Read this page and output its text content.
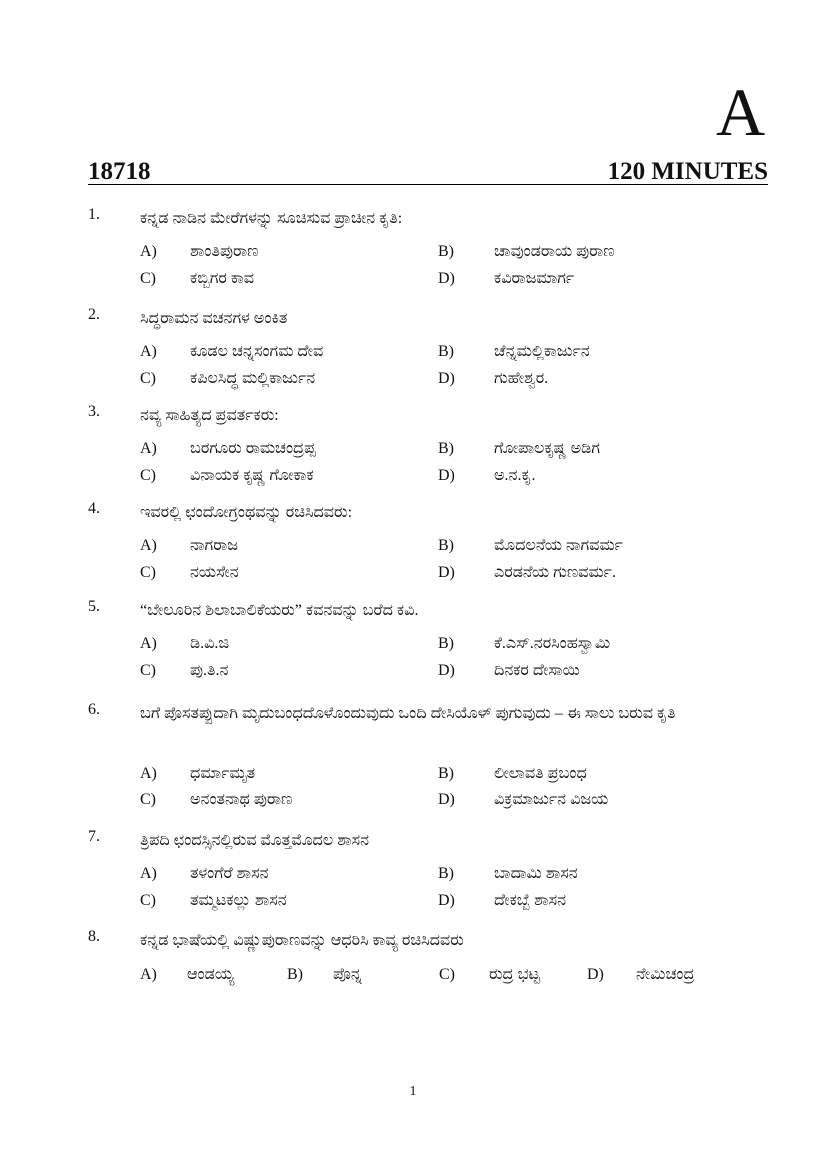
A
18718	120 MINUTES
1.	ಕನ್ನಡ ನಾಡಿನ ಮೇರೆಗಳನ್ನು ಸೂಚಿಸುವ ಪ್ರಾಚೀನ ಕೃತಿ:
A) ಶಾಂತಿಪುರಾಣ	B)	ಚಾವುಂಡರಾಯ ಪುರಾಣ
C) ಕಬ್ಬಿಗರ ಕಾವ	D) ಕವಿರಾಜಮಾರ್ಗ
2.	ಸಿದ್ಧರಾಮನ ವಚನಗಳ ಅಂಕಿತ
A) ಕೂಡಲ ಚನ್ನಸಂಗಮ ದೇವ	B)	ಚೆನ್ನಮಲ್ಲಿಕಾರ್ಜುನ
C) ಕಪಿಲಸಿದ್ಧ ಮಲ್ಲಿಕಾರ್ಜುನ	D) ಗುಹೇಶ್ವರ.
3.	ನವ್ಯ ಸಾಹಿತ್ಯದ ಪ್ರವರ್ತಕರು:
A) ಬರಗೂರು ರಾಮಚಂದ್ರಪ್ಪ	B)	ಗೋಪಾಲಕೃಷ್ಣ ಅಡಿಗ
C) ವಿನಾಯಕ ಕೃಷ್ಣ ಗೋಕಾಕ	D) ಅ.ನ.ಕೃ.
4.	ಇವರಲ್ಲಿ ಛಂದೋಗ್ರಂಥವನ್ನು ರಚಿಸಿದವರು:
A) ನಾಗರಾಜ	B)	ಮೊದಲನೆಯ ನಾಗವರ್ಮ
C) ನಯಸೇನ	D) ಎರಡನೆಯ ಗುಣವರ್ಮ.
5.	“ಬೇಲೂರಿನ ಶಿಲಾಬಾಲಿಕೆಯರು” ಕವನವನ್ನು ಬರೆದ ಕವಿ.
A) ಡಿ.ವಿ.ಜಿ	B)	ಕೆ.ಎಸ್.ನರಸಿಂಹಸ್ವಾಮಿ
C) ಪು.ತಿ.ನ	D) ದಿನಕರ ದೇಸಾಯಿ
6.	ಬಗೆ ಪೊಸತಪ್ಪುದಾಗಿ ಮೃದುಬಂಧದೊಳೊಂದುವುದು ಒಂದಿ ದೇಸಿಯೊಳ್ ಪುಗುವುದು – ಈ ಸಾಲು ಬರುವ ಕೃತಿ
A) ಧರ್ಮಾಮೃತ	B)	ಲೀಲಾವತಿ ಪ್ರಬಂಧ
C) ಅನಂತನಾಥ ಪುರಾಣ	D) ವಿಕ್ರಮಾರ್ಜುನ ವಿಜಯ
7.	ತ್ರಿಪದಿ ಛಂದಸ್ಸಿನಲ್ಲಿರುವ ಮೊತ್ತಮೊದಲ ಶಾಸನ
A) ತಳಂಗೆರೆ ಶಾಸನ	B)	ಬಾದಾಮಿ ಶಾಸನ
C) ತಮ್ಮಟಕಲ್ಲು ಶಾಸನ	D) ದೇಕಬ್ಬೆ ಶಾಸನ
8.	ಕನ್ನಡ ಭಾಷೆಯಲ್ಲಿ ವಿಷ್ಣುಪುರಾಣವನ್ನು ಆಧರಿಸಿ ಕಾವ್ಯ ರಚಿಸಿದವರು
A) ಆಂಡಯ್ಯ	B) ಪೊನ್ನ	C) ರುದ್ರ ಭಟ್ಟ	D) ನೇಮಿಚಂದ್ರ
1
